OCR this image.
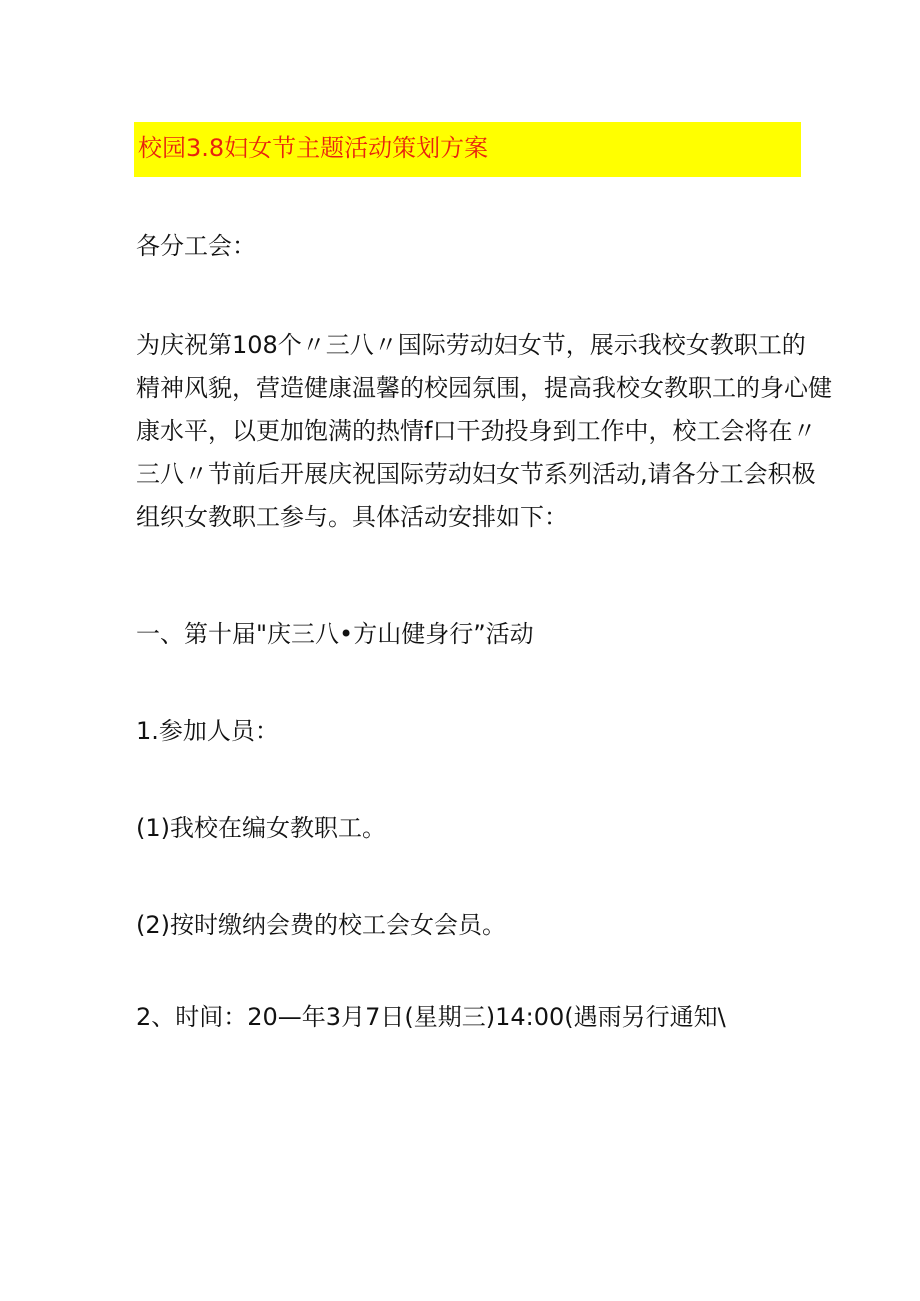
校园3.8妇女节主题活动策划方案
各分工会：
为庆祝第108个〃三八〃国际劳动妇女节，展示我校女教职工的
精神风貌，营造健康温馨的校园氛围，提高我校女教职工的身心健
康水平，以更加饱满的热情f口干劲投身到工作中，校工会将在〃
三八〃节前后开展庆祝国际劳动妇女节系列活动,请各分工会积极
组织女教职工参与。具体活动安排如下：
一、第十届"庆三八•方山健身行”活动
1.参加人员：
(1)我校在编女教职工。
(2)按时缴纳会费的校工会女会员。
2、时间：20—年3月7日(星期三)14:00(遇雨另行通知\
